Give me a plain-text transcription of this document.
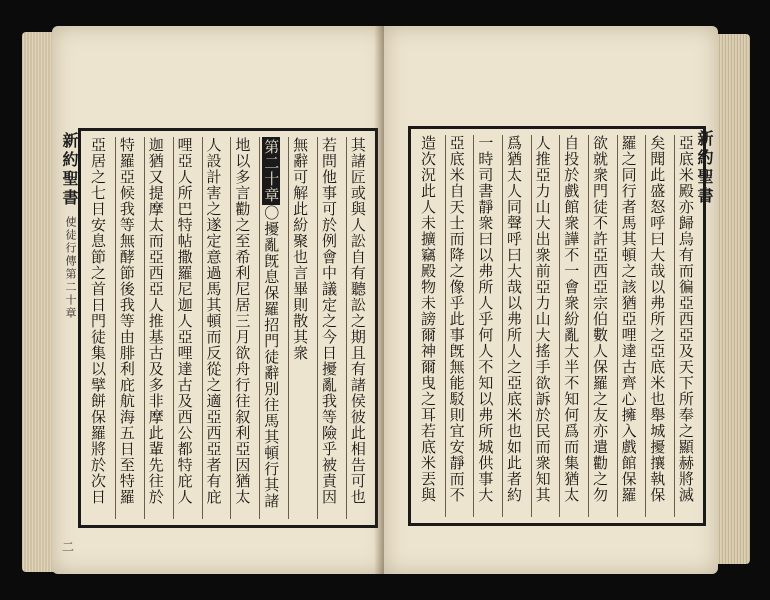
新約聖書
使徒行傳第二十章
二
其諸匠或與人訟自有聽訟之期且有諸侯彼此相告可也
若問他事可於例會中議定之今日擾亂我等險乎被責因
無辭可解此紛聚也言畢則散其衆
第二十章〇擾亂旣息保羅招門徒辭別往馬其頓行其諸
地以多言勸之至希利尼居三月欲舟行往叙利亞因猶太
人設計害之遂定意過馬其頓而反從之適亞西亞者有庇
哩亞人所巴特帖撒羅尼迦人亞哩達古及西公都特庇人
迦猶又提摩太而亞西亞人推基古及多非摩此輩先往於
特羅亞候我等無酵節後我等由腓利庇航海五日至特羅
亞居之七日安息節之首日門徒集以擘餅保羅將於次日	新約聖書
亞底米殿亦歸烏有而徧亞西亞及天下所奉之顯赫將滅
矣聞此盛怒呼曰大哉以弗所之亞底米也舉城擾攘執保
羅之同行者馬其頓之該猶亞哩達古齊心擁入戲館保羅
欲就衆門徒不許亞西亞宗伯數人保羅之友亦遣勸之勿
自投於戲館衆譁不一會衆紛亂大半不知何爲而集猶太
人推亞力山大出衆前亞力山大搖手欲訴於民而衆知其
爲猶太人同聲呼曰大哉以弗所人之亞底米也如此者約
一時司書靜衆曰以弗所人乎何人不知以弗所城供事大
亞底米自天士而降之像乎此事旣無能駁則宜安靜而不
造次況此人未擴竊殿物未謗爾神爾曳之耳若底米丟與
